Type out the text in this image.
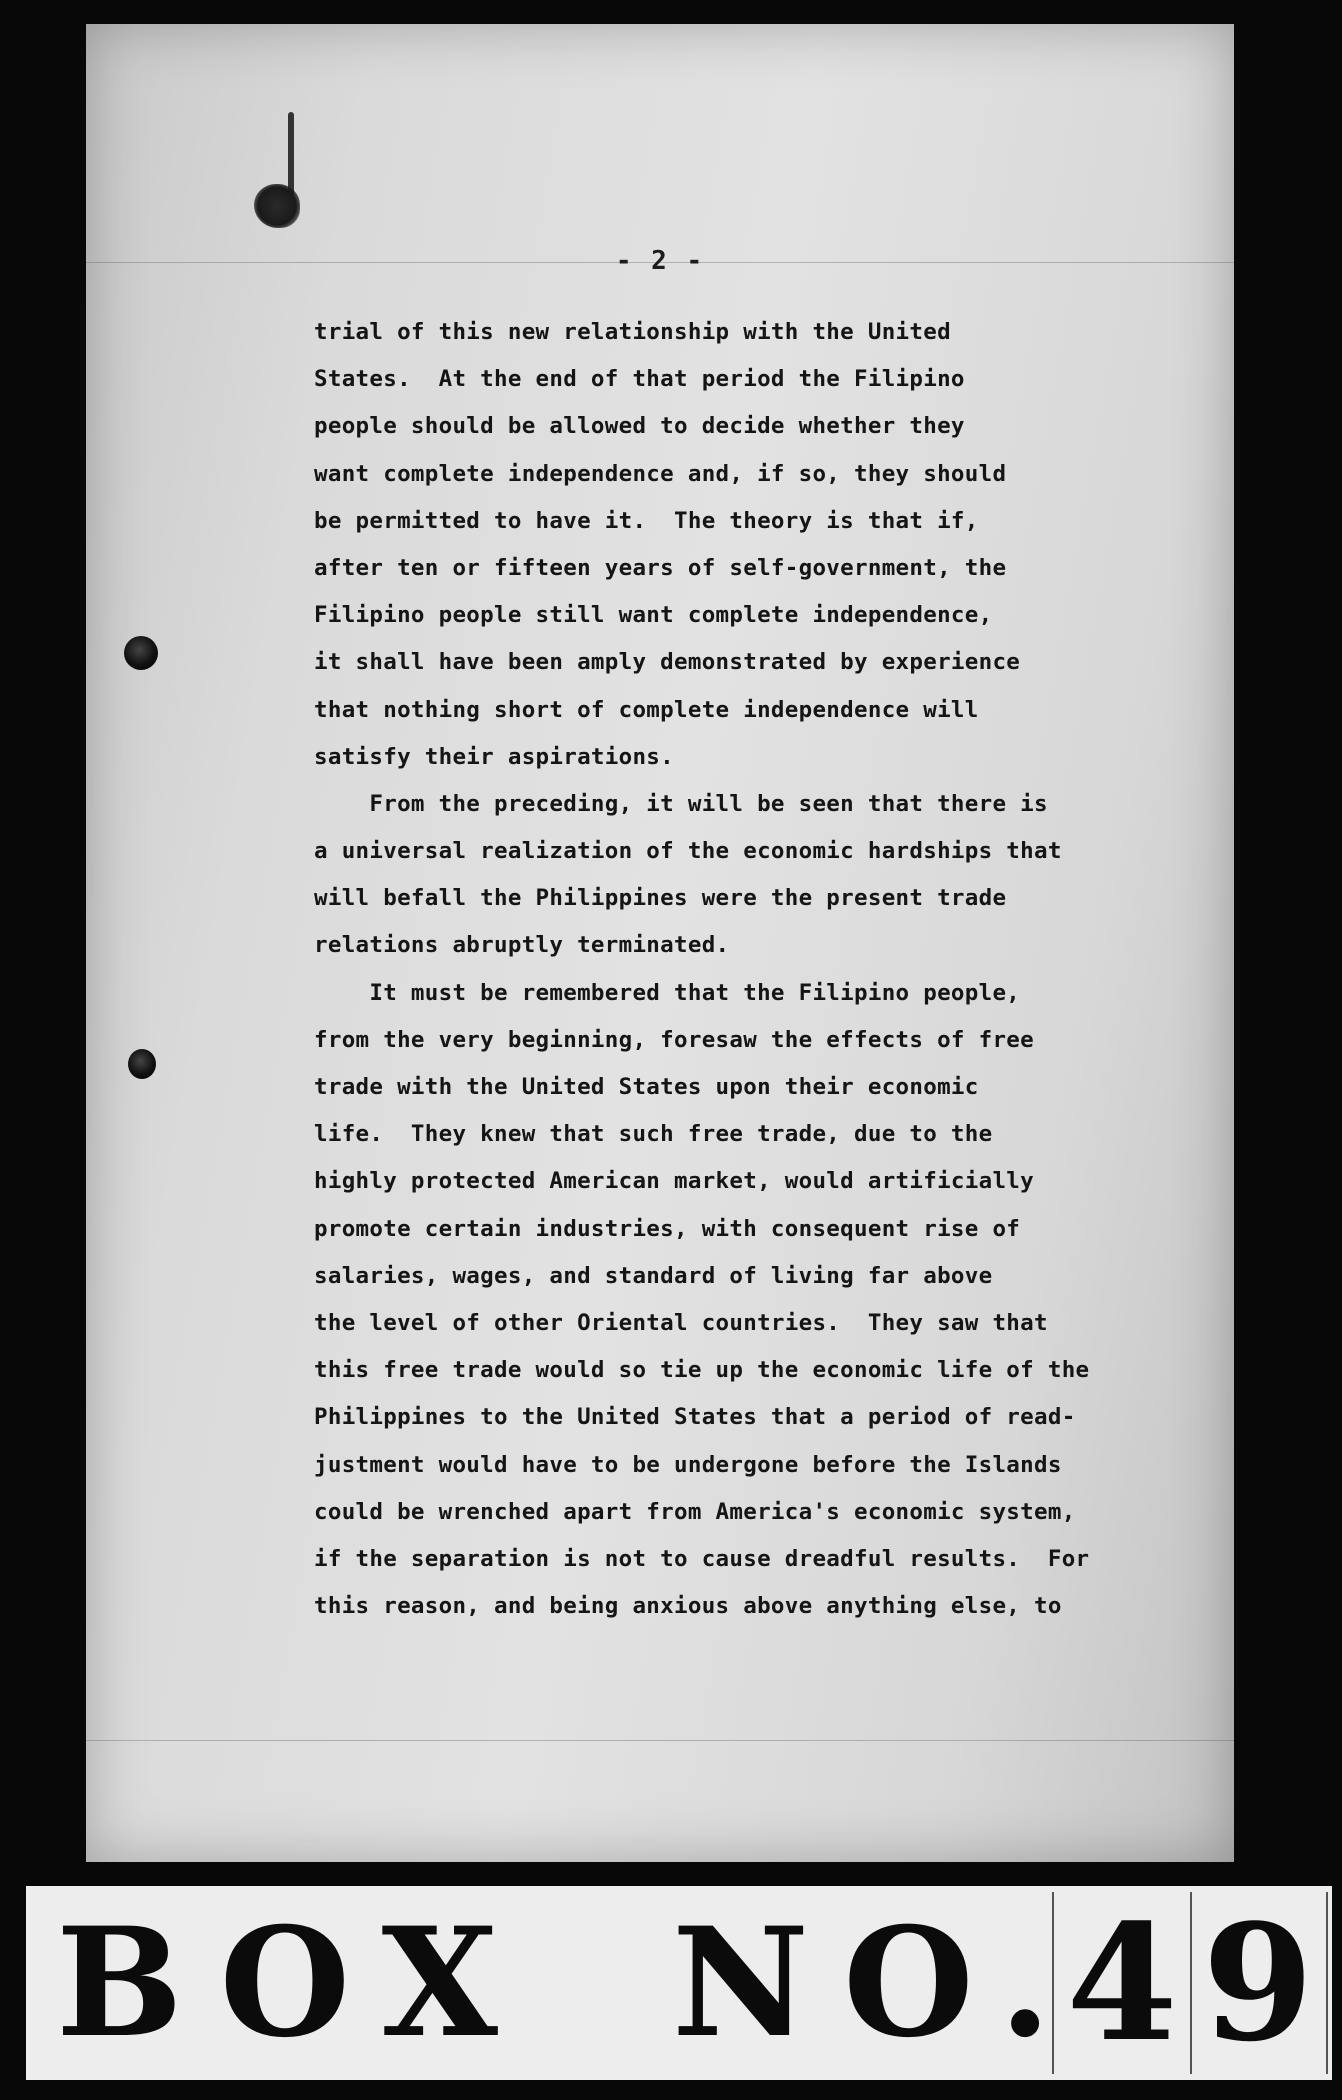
- 2 -
trial of this new relationship with the United
States.  At the end of that period the Filipino
people should be allowed to decide whether they
want complete independence and, if so, they should
be permitted to have it.  The theory is that if,
after ten or fifteen years of self-government, the
Filipino people still want complete independence,
it shall have been amply demonstrated by experience
that nothing short of complete independence will
satisfy their aspirations.
From the preceding, it will be seen that there is
a universal realization of the economic hardships that
will befall the Philippines were the present trade
relations abruptly terminated.
It must be remembered that the Filipino people,
from the very beginning, foresaw the effects of free
trade with the United States upon their economic
life.  They knew that such free trade, due to the
highly protected American market, would artificially
promote certain industries, with consequent rise of
salaries, wages, and standard of living far above
the level of other Oriental countries.  They saw that
this free trade would so tie up the economic life of the
Philippines to the United States that a period of read-
justment would have to be undergone before the Islands
could be wrenched apart from America's economic system,
if the separation is not to cause dreadful results.  For
this reason, and being anxious above anything else, to
BOX NO.
4 9
